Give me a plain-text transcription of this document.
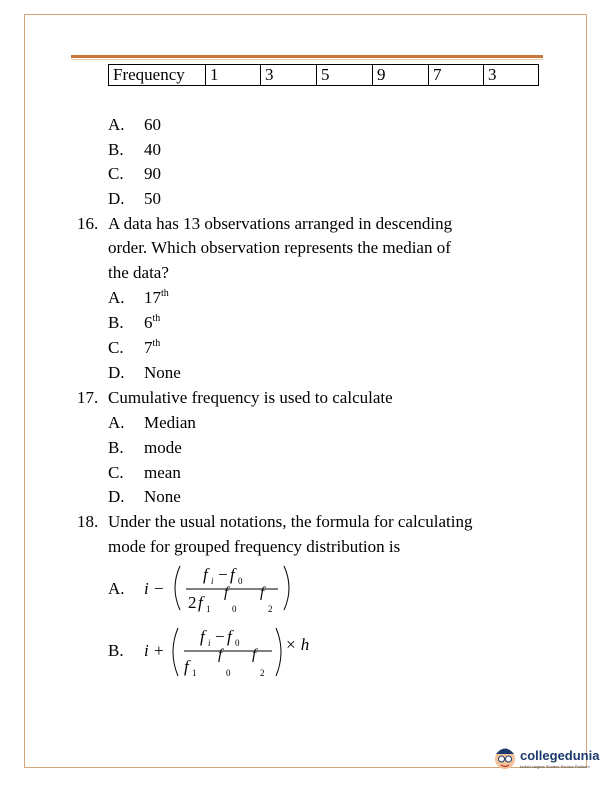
Frequency	1	3	5	9	7	3
A. 60
B. 40
C. 90
D. 50
16. A data has 13 observations arranged in descending
order. Which observation represents the median of
the data?
A. 17th
B. 6th
C. 7th
D. None
17. Cumulative frequency is used to calculate
A. Median
B. mode
C. mean
D. None
18. Under the usual notations, the formula for calculating
mode for grouped frequency distribution is
A. i −
f i − f 0
2 f 1
f
0
f
2
B. i +
f i − f 0
f 1
f
0
f
2
× h
collegedunia
India's largest Student Review Platform
